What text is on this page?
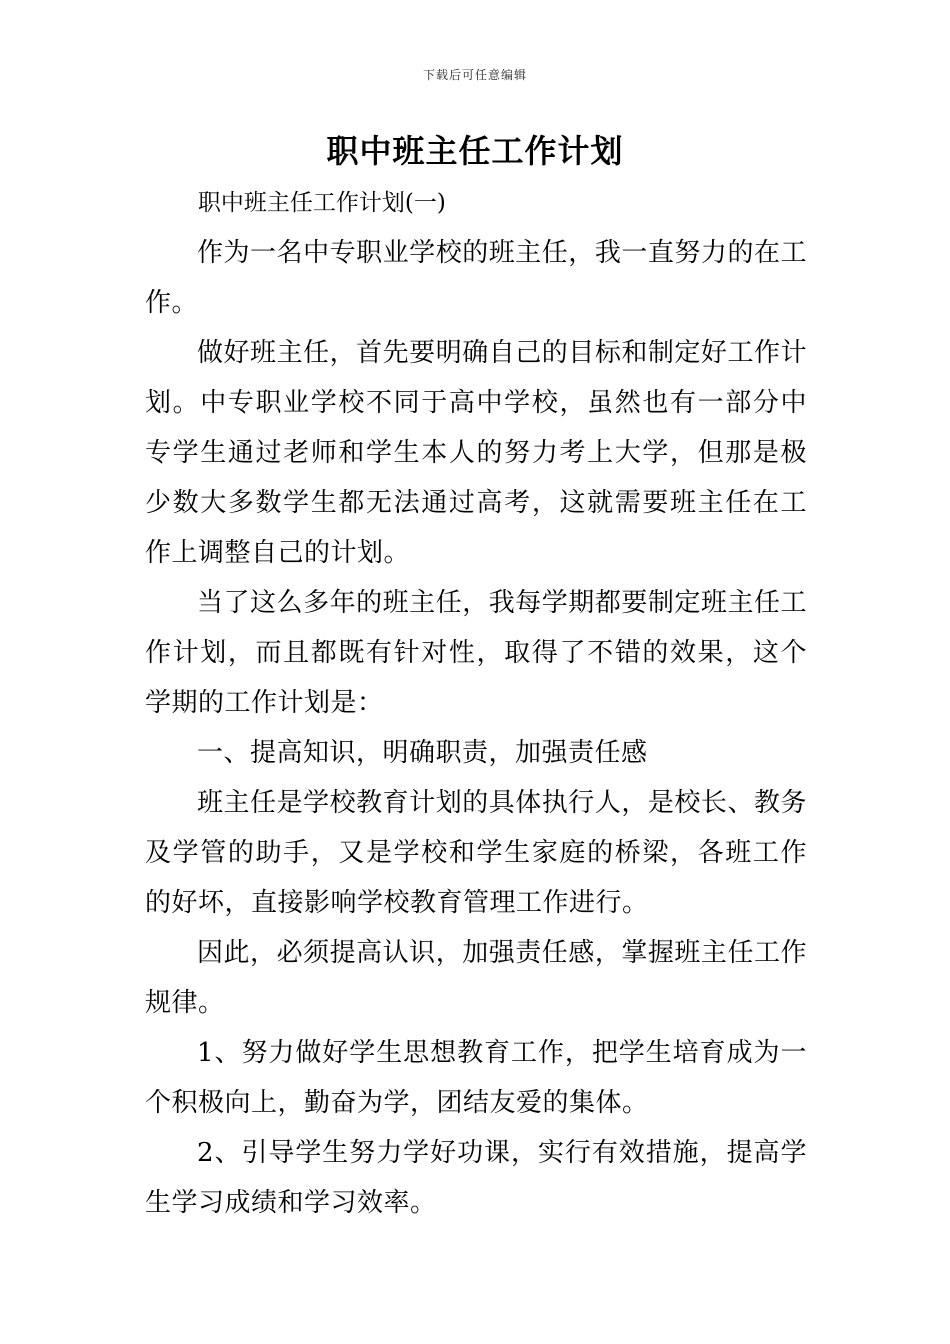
下载后可任意编辑
职中班主任工作计划

职中班主任工作计划(一)

作为一名中专职业学校的班主任，我一直努力的在工作。

做好班主任，首先要明确自己的目标和制定好工作计划。中专职业学校不同于高中学校，虽然也有一部分中专学生通过老师和学生本人的努力考上大学，但那是极少数大多数学生都无法通过高考，这就需要班主任在工作上调整自己的计划。

当了这么多年的班主任，我每学期都要制定班主任工作计划，而且都既有针对性，取得了不错的效果，这个学期的工作计划是：

一、提高知识，明确职责，加强责任感

班主任是学校教育计划的具体执行人，是校长、教务及学管的助手，又是学校和学生家庭的桥梁，各班工作的好坏，直接影响学校教育管理工作进行。

因此，必须提高认识，加强责任感，掌握班主任工作规律。

1、努力做好学生思想教育工作，把学生培育成为一个积极向上，勤奋为学，团结友爱的集体。

2、引导学生努力学好功课，实行有效措施，提高学生学习成绩和学习效率。
